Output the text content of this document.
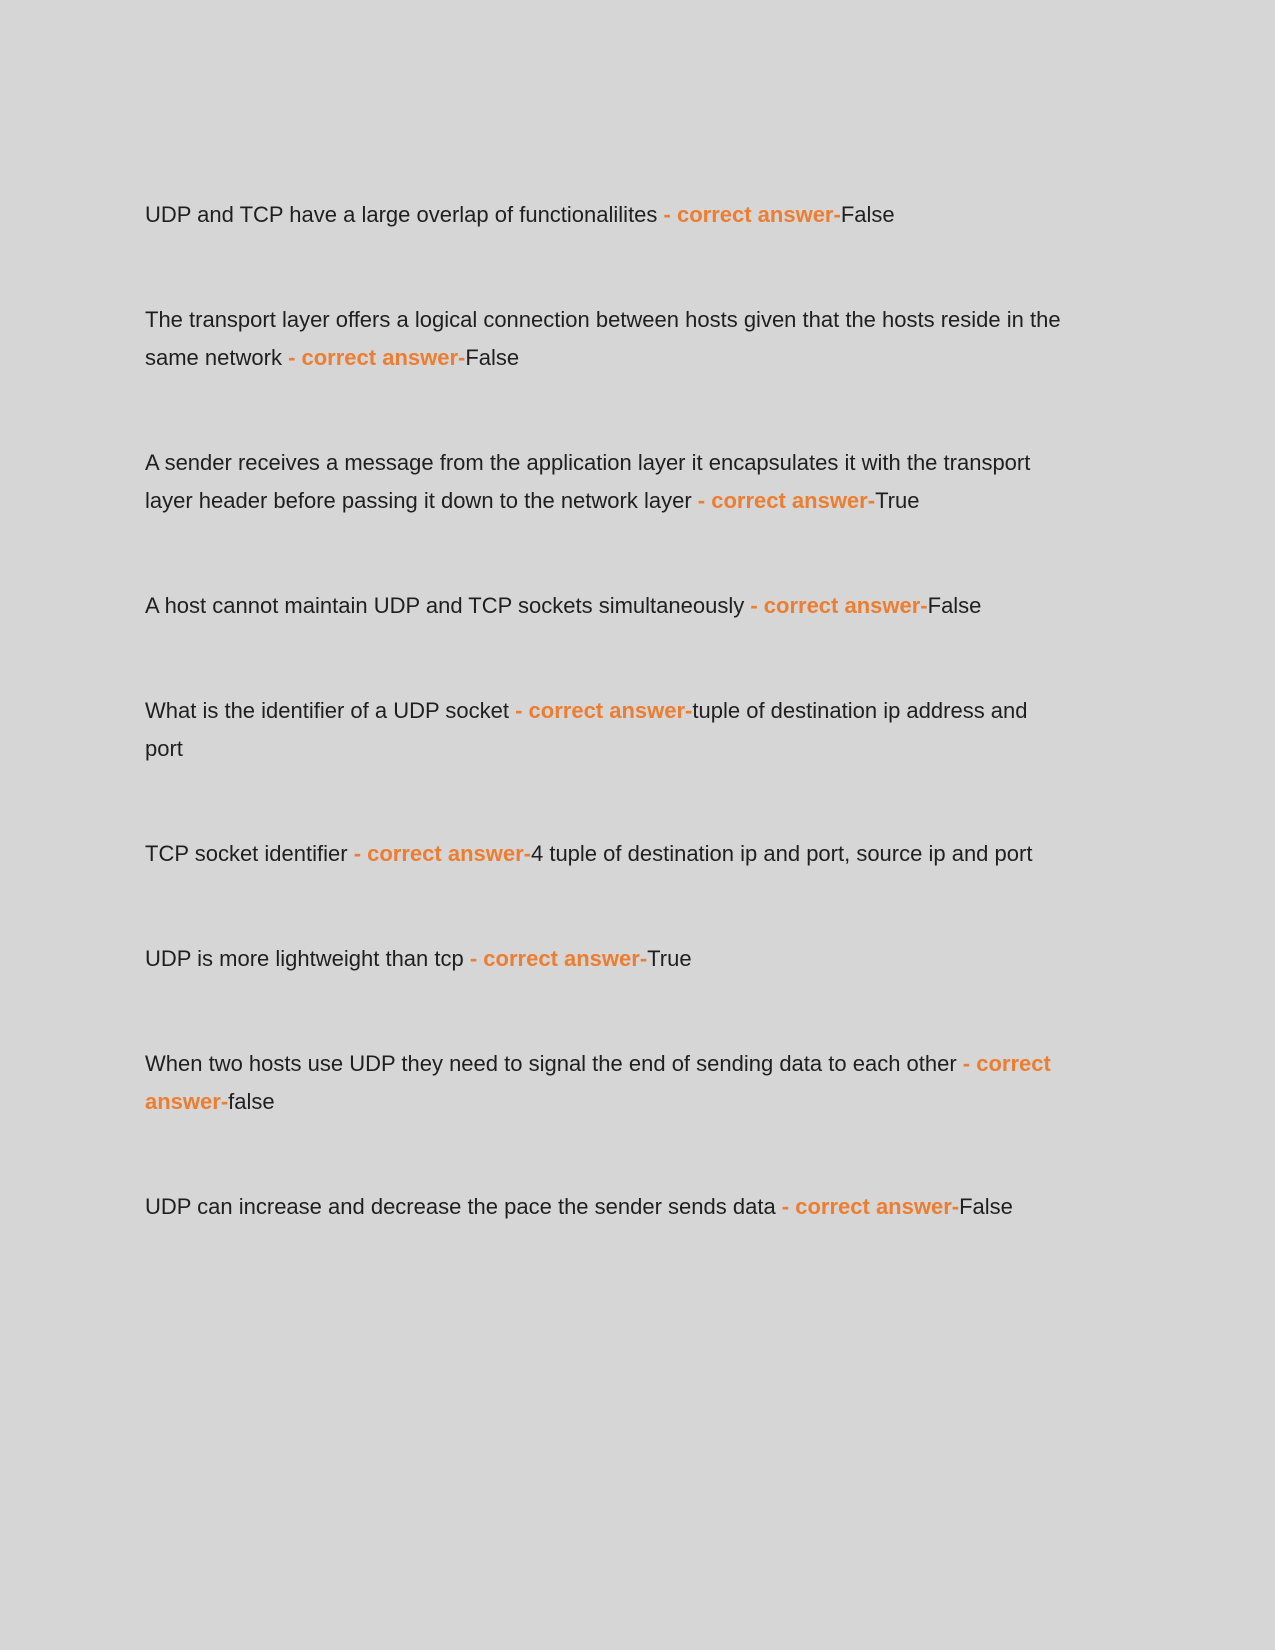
UDP and TCP have a large overlap of functionalilites - correct answer-False

The transport layer offers a logical connection between hosts given that the hosts reside in the same network - correct answer-False

A sender receives a message from the application layer it encapsulates it with the transport layer header before passing it down to the network layer - correct answer-True

A host cannot maintain UDP and TCP sockets simultaneously - correct answer-False

What is the identifier of a UDP socket - correct answer-tuple of destination ip address and port

TCP socket identifier - correct answer-4 tuple of destination ip and port, source ip and port

UDP is more lightweight than tcp - correct answer-True

When two hosts use UDP they need to signal the end of sending data to each other - correct answer-false

UDP can increase and decrease the pace the sender sends data - correct answer-False
